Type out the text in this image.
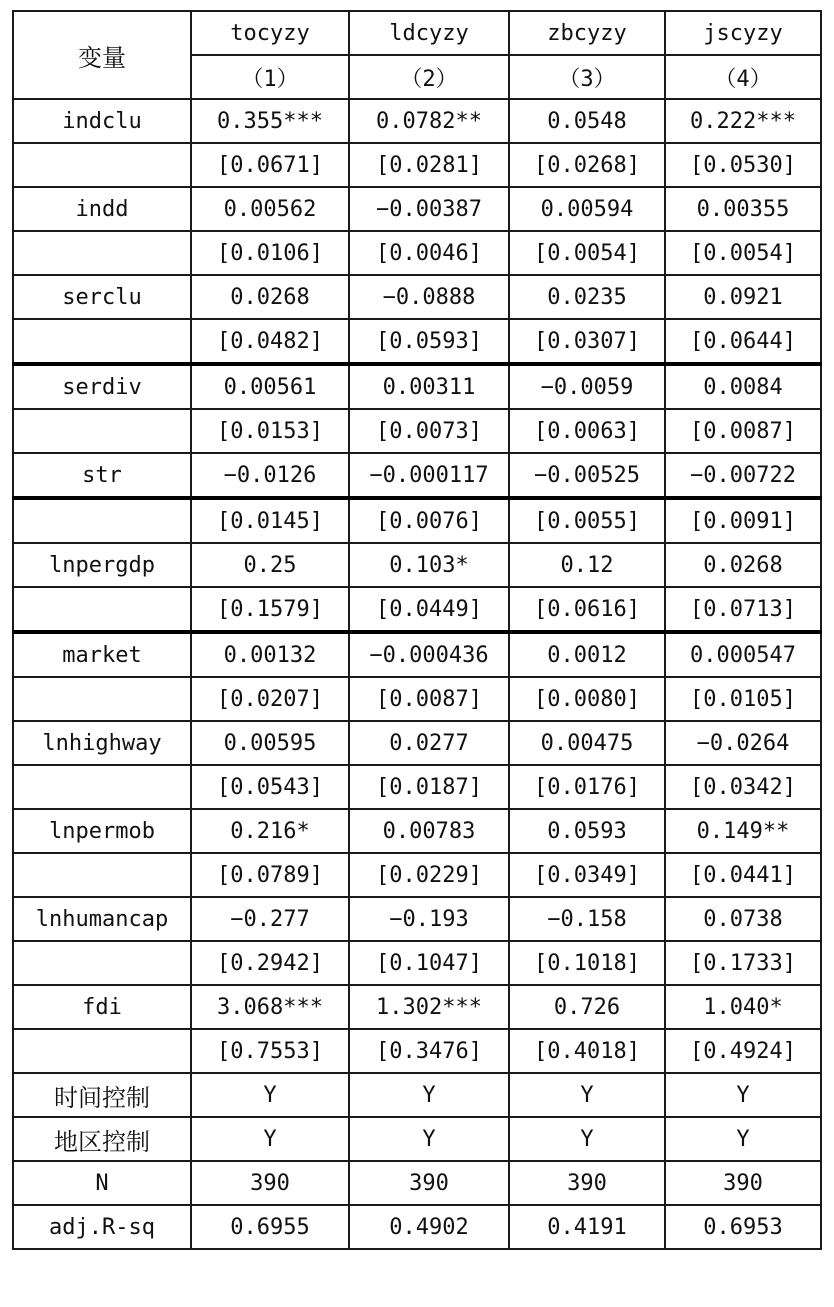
变量	tocyzy	ldcyzy	zbcyzy	jscyzy
	（1）	（2）	（3）	（4）
indclu	0.355***	0.0782**	0.0548	0.222***
	[0.0671]	[0.0281]	[0.0268]	[0.0530]
indd	0.00562	−0.00387	0.00594	0.00355
	[0.0106]	[0.0046]	[0.0054]	[0.0054]
serclu	0.0268	−0.0888	0.0235	0.0921
	[0.0482]	[0.0593]	[0.0307]	[0.0644]
serdiv	0.00561	0.00311	−0.0059	0.0084
	[0.0153]	[0.0073]	[0.0063]	[0.0087]
str	−0.0126	−0.000117	−0.00525	−0.00722
	[0.0145]	[0.0076]	[0.0055]	[0.0091]
lnpergdp	0.25	0.103*	0.12	0.0268
	[0.1579]	[0.0449]	[0.0616]	[0.0713]
market	0.00132	−0.000436	0.0012	0.000547
	[0.0207]	[0.0087]	[0.0080]	[0.0105]
lnhighway	0.00595	0.0277	0.00475	−0.0264
	[0.0543]	[0.0187]	[0.0176]	[0.0342]
lnpermob	0.216*	0.00783	0.0593	0.149**
	[0.0789]	[0.0229]	[0.0349]	[0.0441]
lnhumancap	−0.277	−0.193	−0.158	0.0738
	[0.2942]	[0.1047]	[0.1018]	[0.1733]
fdi	3.068***	1.302***	0.726	1.040*
	[0.7553]	[0.3476]	[0.4018]	[0.4924]
时间控制	Y	Y	Y	Y
地区控制	Y	Y	Y	Y
N	390	390	390	390
adj.R-sq	0.6955	0.4902	0.4191	0.6953
